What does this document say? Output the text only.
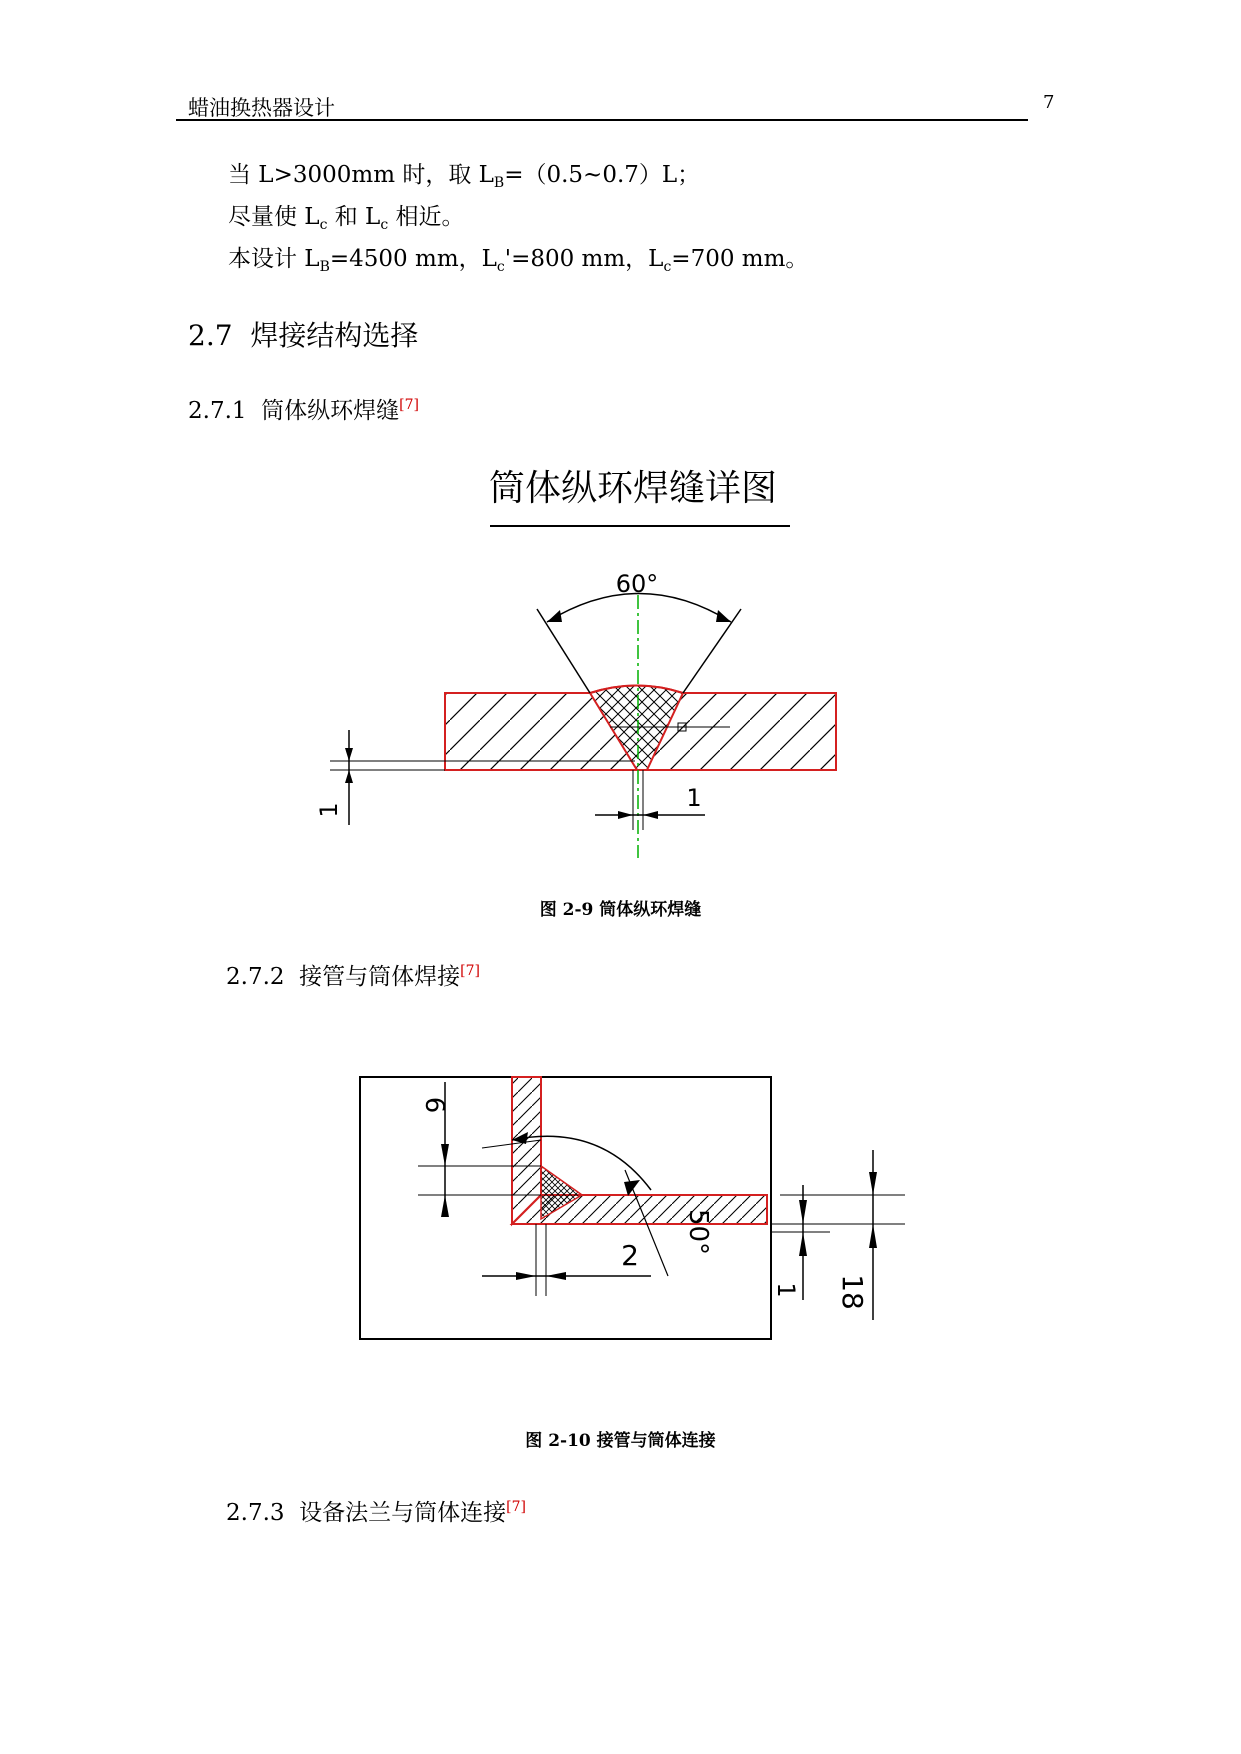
蜡油换热器设计	7
当 L>3000mm 时，取 $L_B=(0.5\sim 0.7)L$；
尽量使 $L_c$ 和 $L_c$ 相近。
本设计 $L_B=4500$ mm，$L_c'=800$ mm，$L_c=700$ mm。
2.7 焊接结构选择
2.7.1 筒体纵环焊缝[7]
筒体纵环焊缝详图
60°
1	1
50°
6
2
1 18
图 2-9 筒体纵环焊缝
2.7.2 接管与筒体焊接[7]
图 2-10 接管与筒体连接
2.7.3 设备法兰与筒体连接[7]
